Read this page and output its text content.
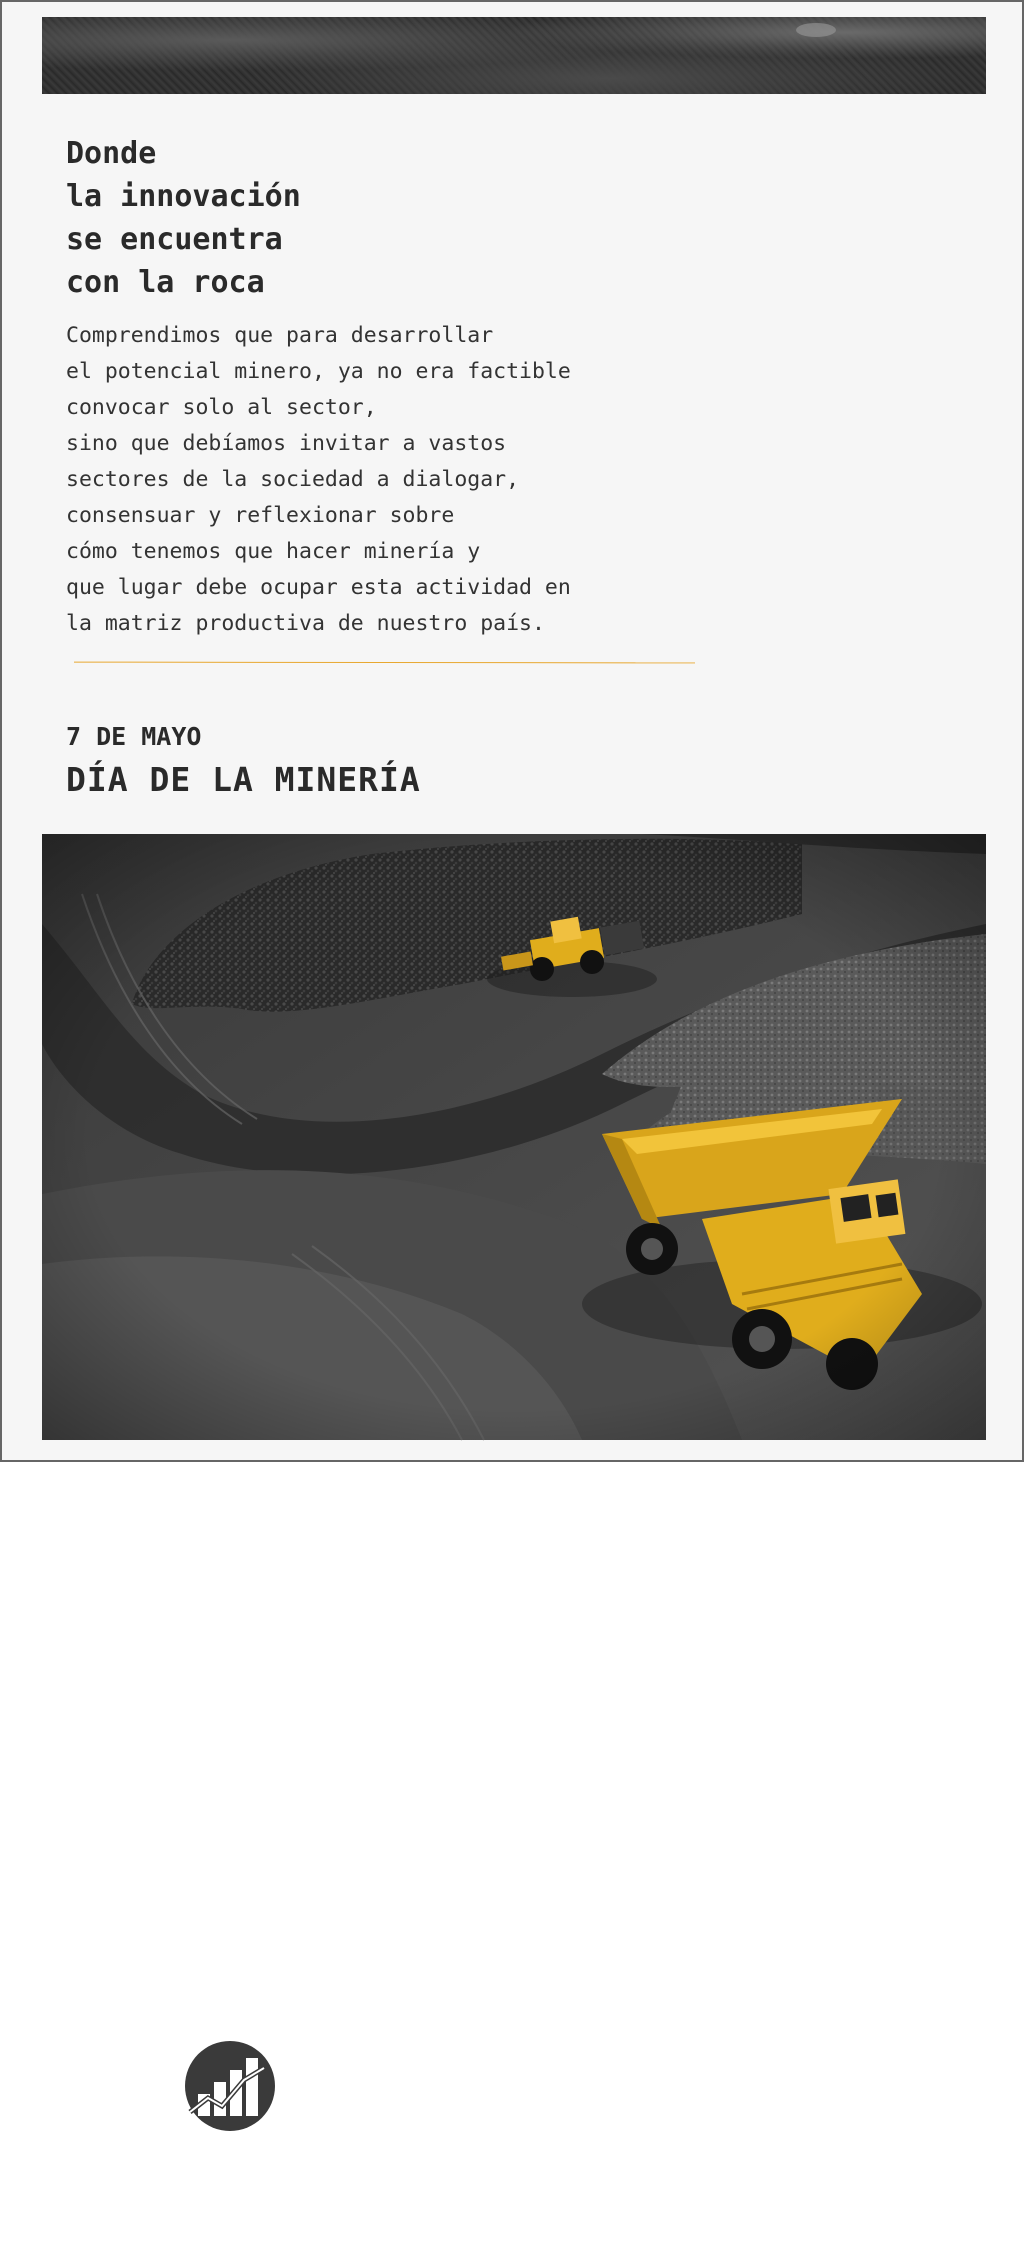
Donde
la innovación
se encuentra
con la roca

Comprendimos que para desarrollar
el potencial minero, ya no era factible
convocar solo al sector,
sino que debíamos invitar a vastos
sectores de la sociedad a dialogar,
consensuar y reflexionar sobre
cómo tenemos que hacer minería y
que lugar debe ocupar esta actividad en
la matriz productiva de nuestro país.

7 DE MAYO
DÍA DE LA MINERÍA
FESJ
FEDERACIÓN ECONÓMICA
SAN JUAN
